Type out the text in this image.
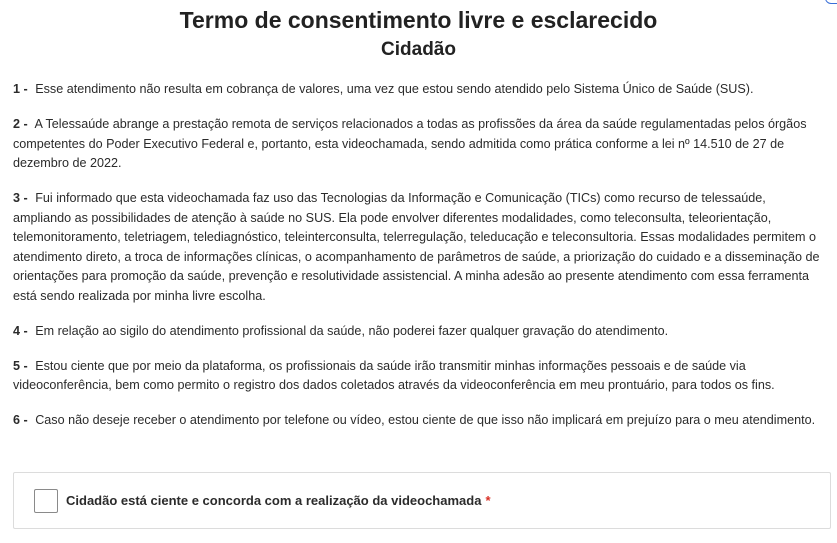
Termo de consentimento livre e esclarecido
Cidadão

1 - Esse atendimento não resulta em cobrança de valores, uma vez que estou sendo atendido pelo Sistema Único de Saúde (SUS).

2 - A Telessaúde abrange a prestação remota de serviços relacionados a todas as profissões da área da saúde regulamentadas pelos órgãos competentes do Poder Executivo Federal e, portanto, esta videochamada, sendo admitida como prática conforme a lei nº 14.510 de 27 de dezembro de 2022.

3 - Fui informado que esta videochamada faz uso das Tecnologias da Informação e Comunicação (TICs) como recurso de telessaúde, ampliando as possibilidades de atenção à saúde no SUS. Ela pode envolver diferentes modalidades, como teleconsulta, teleorientação, telemonitoramento, teletriagem, telediagnóstico, teleinterconsulta, telerregulação, teleducação e teleconsultoria. Essas modalidades permitem o atendimento direto, a troca de informações clínicas, o acompanhamento de parâmetros de saúde, a priorização do cuidado e a disseminação de orientações para promoção da saúde, prevenção e resolutividade assistencial. A minha adesão ao presente atendimento com essa ferramenta está sendo realizada por minha livre escolha.

4 - Em relação ao sigilo do atendimento profissional da saúde, não poderei fazer qualquer gravação do atendimento.

5 - Estou ciente que por meio da plataforma, os profissionais da saúde irão transmitir minhas informações pessoais e de saúde via videoconferência, bem como permito o registro dos dados coletados através da videoconferência em meu prontuário, para todos os fins.

6 - Caso não deseje receber o atendimento por telefone ou vídeo, estou ciente de que isso não implicará em prejuízo para o meu atendimento.

Cidadão está ciente e concorda com a realização da videochamada *
